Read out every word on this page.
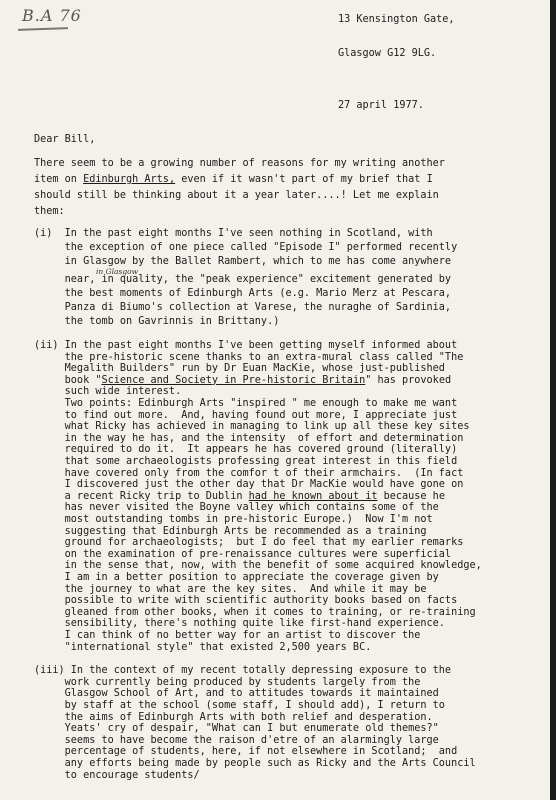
B.A 76	13 Kensington Gate,
Glasgow G12 9LG.
27 april 1977.
Dear Bill,
There seem to be a growing number of reasons for my writing another
item on Edinburgh Arts, even if it wasn't part of my brief that I
should still be thinking about it a year later....! Let me explain
them:
(i)  In the past eight months I've seen nothing in Scotland, with
the exception of one piece called "Episode I" performed recently
in Glasgow by the Ballet Rambert, which to me has come anywhere
in Glasgow
near, in quality, the "peak experience" excitement generated by
the best moments of Edinburgh Arts (e.g. Mario Merz at Pescara,
Panza di Biumo's collection at Varese, the nuraghe of Sardinia,
the tomb on Gavrinnis in Brittany.)
(ii) In the past eight months I've been getting myself informed about
the pre-historic scene thanks to an extra-mural class called "The
Megalith Builders" run by Dr Euan MacKie, whose just-published
book "Science and Society in Pre-historic Britain" has provoked
such wide interest.
Two points: Edinburgh Arts "inspired " me enough to make me want
to find out more.  And, having found out more, I appreciate just
what Ricky has achieved in managing to link up all these key sites
in the way he has, and the intensity  of effort and determination
required to do it.  It appears he has covered ground (literally)
that some archaeologists professing great interest in this field
have covered only from the comfor t of their armchairs.  (In fact
I discovered just the other day that Dr MacKie would have gone on
a recent Ricky trip to Dublin had he known about it because he
has never visited the Boyne valley which contains some of the
most outstanding tombs in pre-historic Europe.)  Now I'm not
suggesting that Edinburgh Arts be recommended as a training
ground for archaeologists;  but I do feel that my earlier remarks
on the examination of pre-renaissance cultures were superficial
in the sense that, now, with the benefit of some acquired knowledge,
I am in a better position to appreciate the coverage given by
the journey to what are the key sites.  And while it may be
possible to write with scientific authority books based on facts
gleaned from other books, when it comes to training, or re-training
sensibility, there's nothing quite like first-hand experience.
I can think of no better way for an artist to discover the
"international style" that existed 2,500 years BC.
(iii) In the context of my recent totally depressing exposure to the
work currently being produced by students largely from the
Glasgow School of Art, and to attitudes towards it maintained
by staff at the school (some staff, I should add), I return to
the aims of Edinburgh Arts with both relief and desperation.
Yeats' cry of despair, "What can I but enumerate old themes?"
seems to have become the raison d'etre of an alarmingly large
percentage of students, here, if not elsewhere in Scotland;  and
any efforts being made by people such as Ricky and the Arts Council
to encourage students/
